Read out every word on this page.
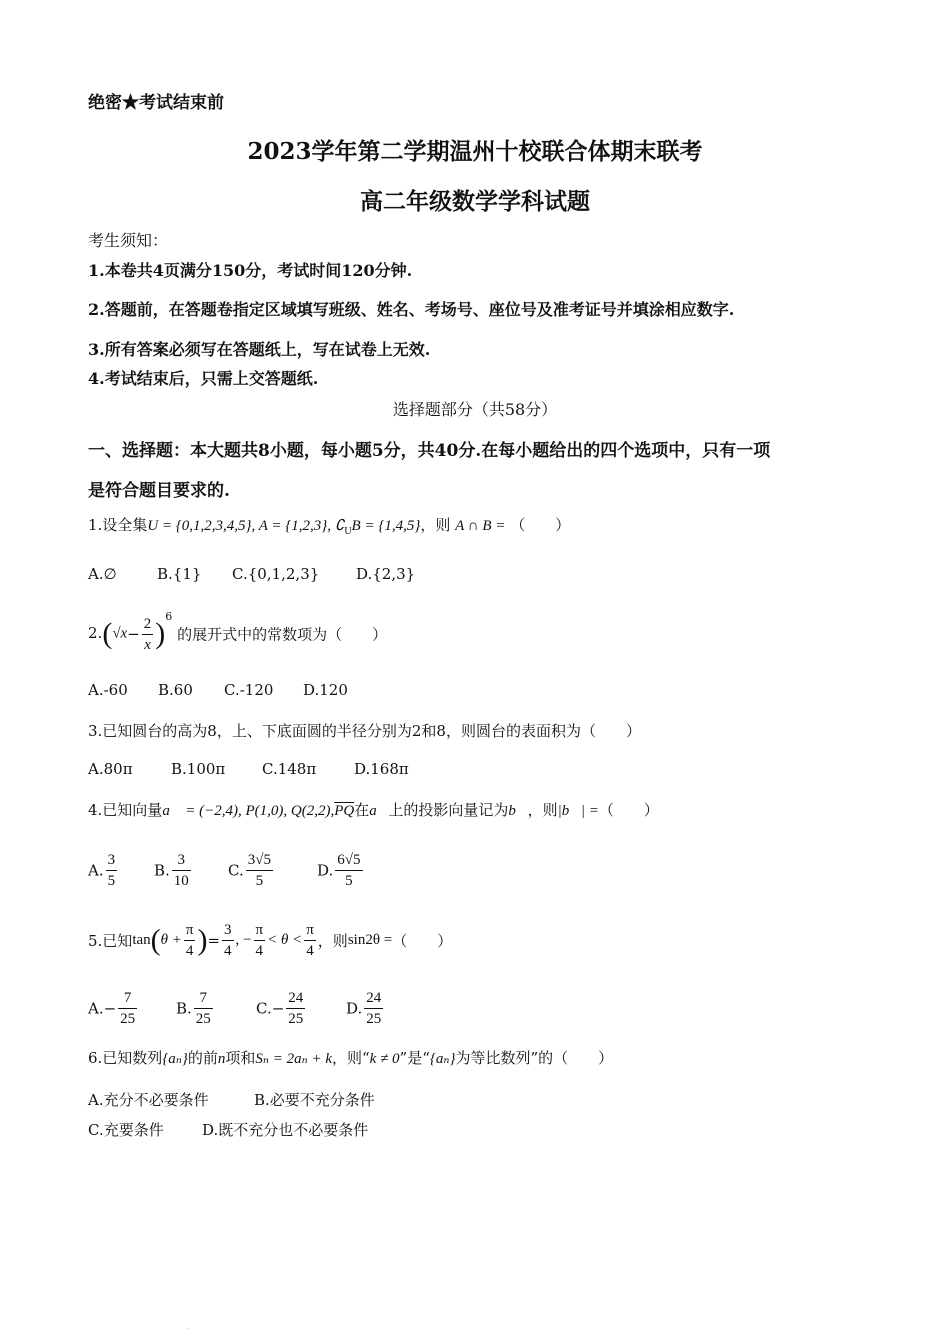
绝密★考试结束前
2023学年第二学期温州十校联合体期末联考
高二年级数学学科试题
考生须知：
1.本卷共4页满分150分，考试时间120分钟.
2.答题前，在答题卷指定区域填写班级、姓名、考场号、座位号及准考证号并填涂相应数字.
3.所有答案必须写在答题纸上，写在试卷上无效.
4.考试结束后，只需上交答题纸.
选择题部分（共58分）
一、选择题：本大题共8小题，每小题5分，共40分.在每小题给出的四个选项中，只有一项
是符合题目要求的.
1.设全集U = {0,1,2,3,4,5}, A = {1,2,3}, $∁_UB = \{1,4,5\}$，则 A ∩ B = （　　）
A.∅	B.{1} C.{0,1,2,3} D.{2,3}
$2.(√x- \frac{2}{x} )^6$ 的展开式中的常数项为（　　）
A.-60 B.60 C.-120 D.120
3.已知圆台的高为8，上、下底面圆的半径分别为2和8，则圆台的表面积为（　　）
A.80π	B.100π C.148π	D.168π
4.已知向量a⃗ = (−2,4), P(1,0), $Q(2,2),\overline{PQ}$在a⃗上的投影向量记为b⃗，则|b⃗| =（　　）
A. $\frac{3}{5} B$. $\frac{3}{10} C$. $\frac{3√5}{5}$	D. $\frac{6√5}{5}$
5.已知$\tan(\theta + \frac{\pi}{4}$ )= $\frac{3}{4}$ , − $\frac{\pi}{4} < \theta < \frac{\pi}{4}$ ，则sin2θ =（　　）
$A.- \frac{7}{25}$	B. $\frac{7}{25}$	$C.- \frac{24}{25}$	D. $\frac{24}{25}$
6.已知数列{aₙ}的前n项和Sₙ = 2aₙ + k，则“k ≠ 0”是“{aₙ}为等比数列”的（　　）
A.充分不必要条件	B.必要不充分条件
C.充要条件	D.既不充分也不必要条件
·
